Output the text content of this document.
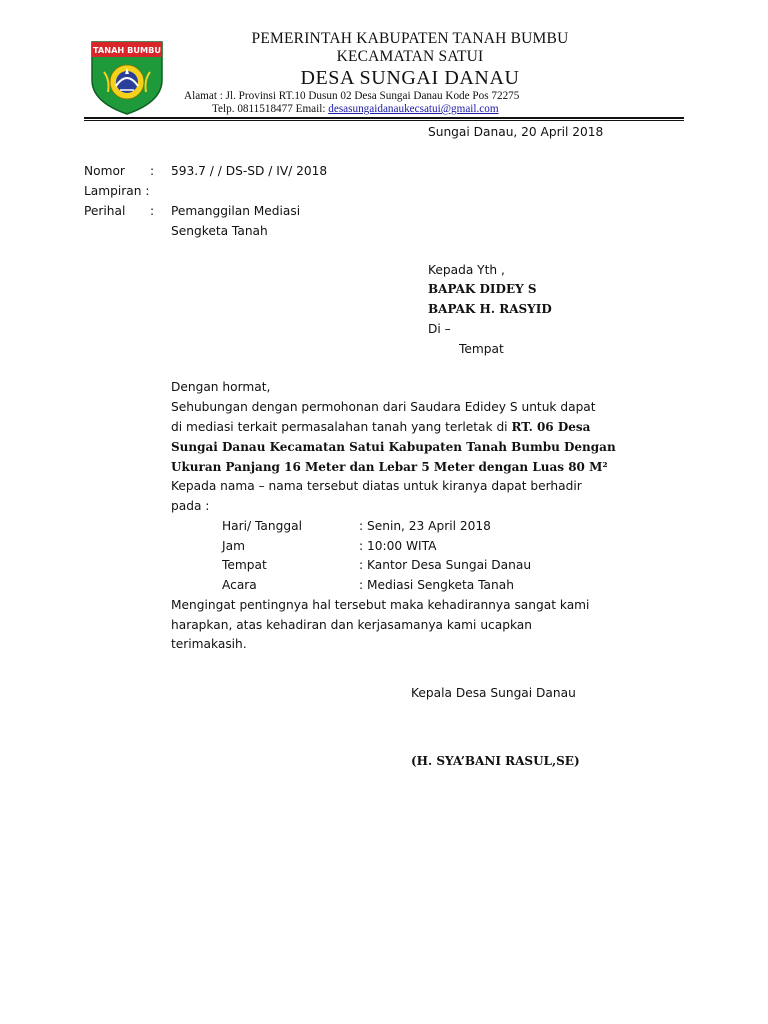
TANAH BUMBU
PEMERINTAH KABUPATEN TANAH BUMBU
KECAMATAN SATUI
DESA SUNGAI DANAU
Alamat : Jl. Provinsi RT.10 Dusun 02 Desa Sungai Danau Kode Pos 72275
Telp. 0811518477 Email: desasungaidanaukecsatui@gmail.com
Sungai Danau, 20 April 2018
Nomor : 593.7 / / DS-SD / IV/ 2018
Lampiran :
Perihal : Pemanggilan Mediasi
Sengketa Tanah
Kepada Yth ,
BAPAK DIDEY S
BAPAK H. RASYID
Di –
Tempat
Dengan hormat,
Sehubungan dengan permohonan dari Saudara Edidey S untuk dapat
di mediasi terkait permasalahan tanah yang terletak di RT. 06 Desa
Sungai Danau Kecamatan Satui Kabupaten Tanah Bumbu Dengan
Ukuran Panjang 16 Meter dan Lebar 5 Meter dengan Luas 80 M²
Kepada nama – nama tersebut diatas untuk kiranya dapat berhadir
pada :
Hari/ Tanggal	: Senin, 23 April 2018
Jam	: 10:00 WITA
Tempat	: Kantor Desa Sungai Danau
Acara	: Mediasi Sengketa Tanah
Mengingat pentingnya hal tersebut maka kehadirannya sangat kami
harapkan, atas kehadiran dan kerjasamanya kami ucapkan
terimakasih.
Kepala Desa Sungai Danau
(H. SYA’BANI RASUL,SE)
